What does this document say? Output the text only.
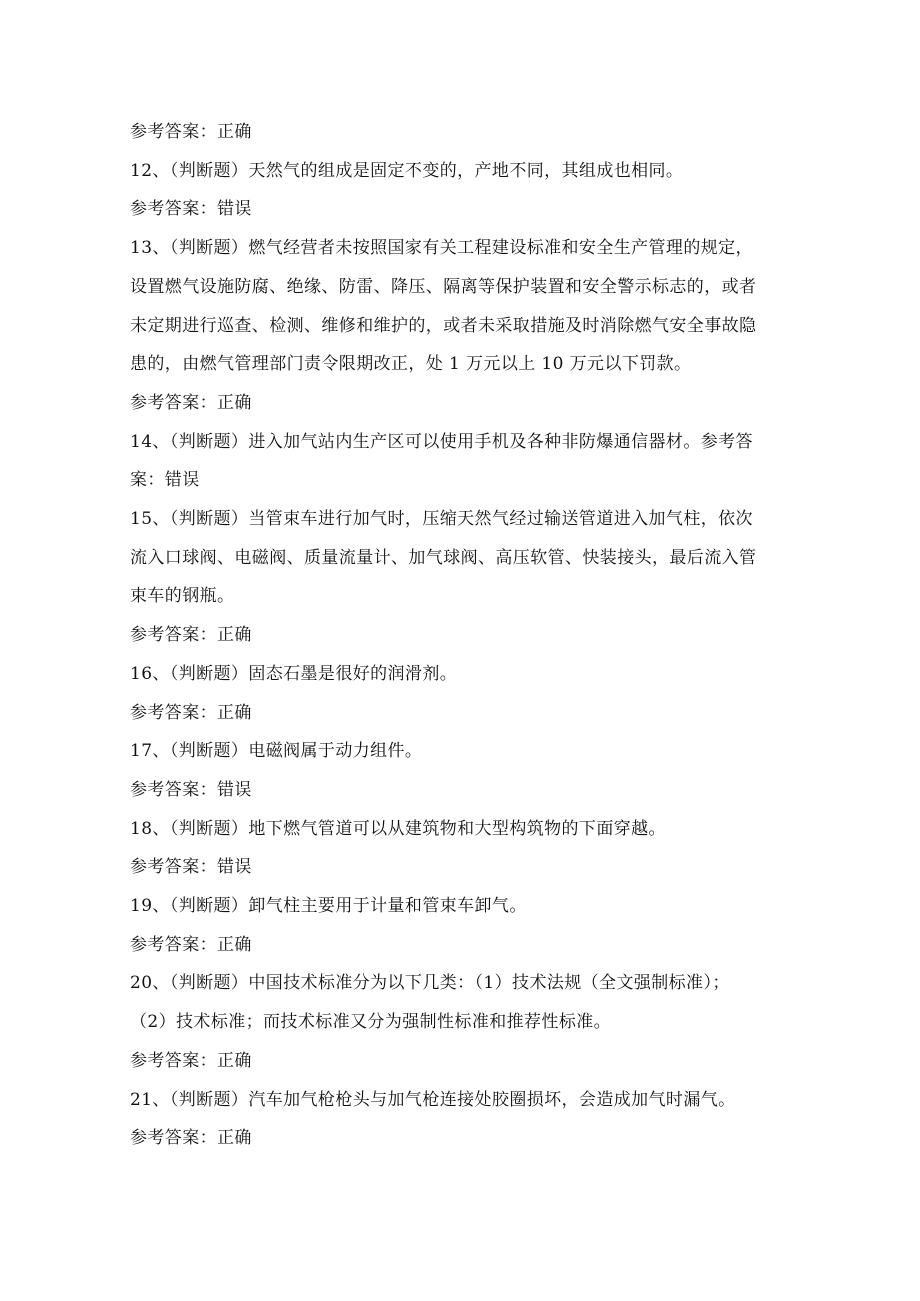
参考答案：正确
12、（判断题）天然气的组成是固定不变的，产地不同，其组成也相同。
参考答案：错误
13、（判断题）燃气经营者未按照国家有关工程建设标准和安全生产管理的规定，
设置燃气设施防腐、绝缘、防雷、降压、隔离等保护装置和安全警示标志的，或者
未定期进行巡查、检测、维修和维护的，或者未采取措施及时消除燃气安全事故隐
患的，由燃气管理部门责令限期改正，处 1 万元以上 10 万元以下罚款。
参考答案：正确
14、（判断题）进入加气站内生产区可以使用手机及各种非防爆通信器材。参考答
案：错误
15、（判断题）当管束车进行加气时，压缩天然气经过输送管道进入加气柱，依次
流入口球阀、电磁阀、质量流量计、加气球阀、高压软管、快装接头，最后流入管
束车的钢瓶。
参考答案：正确
16、（判断题）固态石墨是很好的润滑剂。
参考答案：正确
17、（判断题）电磁阀属于动力组件。
参考答案：错误
18、（判断题）地下燃气管道可以从建筑物和大型构筑物的下面穿越。
参考答案：错误
19、（判断题）卸气柱主要用于计量和管束车卸气。
参考答案：正确
20、（判断题）中国技术标准分为以下几类：（1）技术法规（全文强制标准）；
（2）技术标准；而技术标准又分为强制性标准和推荐性标准。
参考答案：正确
21、（判断题）汽车加气枪枪头与加气枪连接处胶圈损坏，会造成加气时漏气。
参考答案：正确
